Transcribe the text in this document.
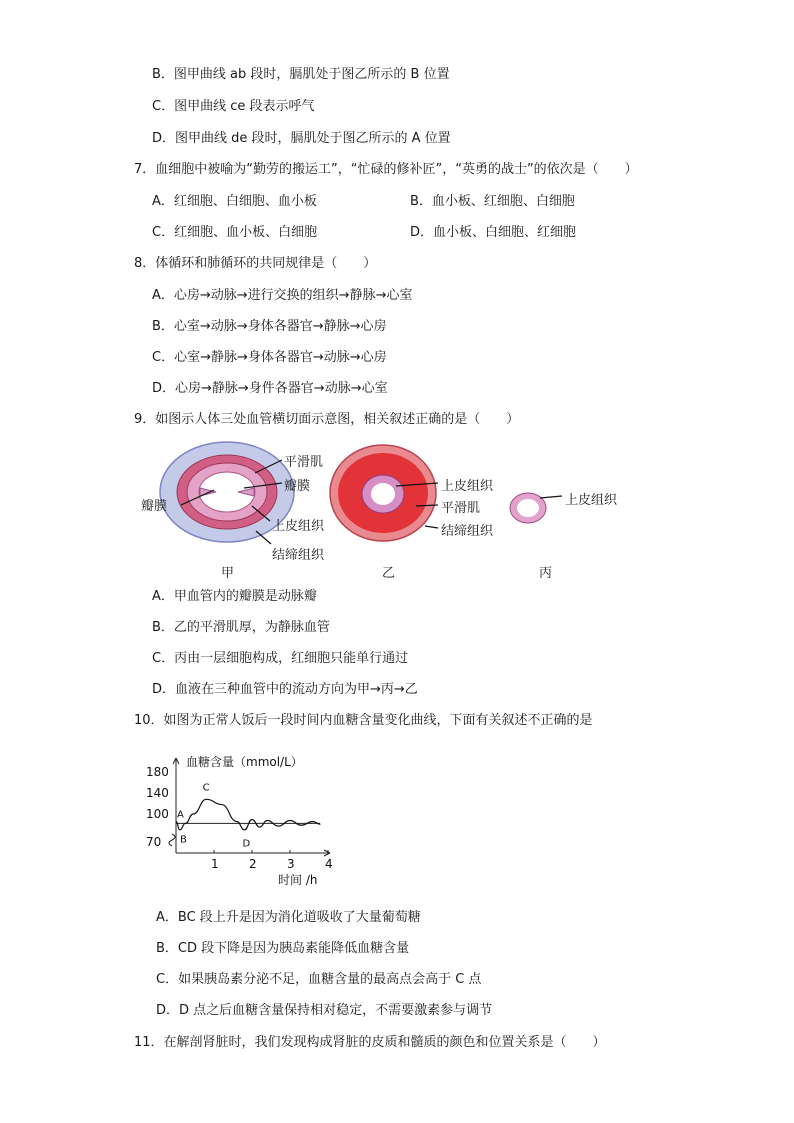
B．图甲曲线 ab 段时，膈肌处于图乙所示的 B 位置
C．图甲曲线 ce 段表示呼气
D．图甲曲线 de 段时，膈肌处于图乙所示的 A 位置
7．血细胞中被喻为“勤劳的搬运工”，“忙碌的修补匠”，“英勇的战士”的依次是（　　）
A．红细胞、白细胞、血小板	B．血小板、红细胞、白细胞
C．红细胞、血小板、白细胞	D．血小板、白细胞、红细胞
8．体循环和肺循环的共同规律是（　　）
A．心房→动脉→进行交换的组织→静脉→心室
B．心室→动脉→身体各器官→静脉→心房
C．心室→静脉→身体各器官→动脉→心房
D．心房→静脉→身件各器官→动脉→心室
9．如图示人体三处血管横切面示意图，相关叙述正确的是（　　）
平滑肌
瓣膜
瓣膜
上皮组织
结缔组织
上皮组织
平滑肌
结缔组织
上皮组织
甲	乙	丙
A．甲血管内的瓣膜是动脉瓣
B．乙的平滑肌厚，为静脉血管
C．丙由一层细胞构成，红细胞只能单行通过
D．血液在三种血管中的流动方向为甲→丙→乙
10．如图为正常人饭后一段时间内血糖含量变化曲线，下面有关叙述不正确的是
180
140
100
70
1	2	3	4
血糖含量（mmol/L）
时间 /h
A
B
C
D
A．BC 段上升是因为消化道吸收了大量葡萄糖
B．CD 段下降是因为胰岛素能降低血糖含量
C．如果胰岛素分泌不足，血糖含量的最高点会高于 C 点
D．D 点之后血糖含量保持相对稳定，不需要激素参与调节
11．在解剖肾脏时，我们发现构成肾脏的皮质和髓质的颜色和位置关系是（　　）
